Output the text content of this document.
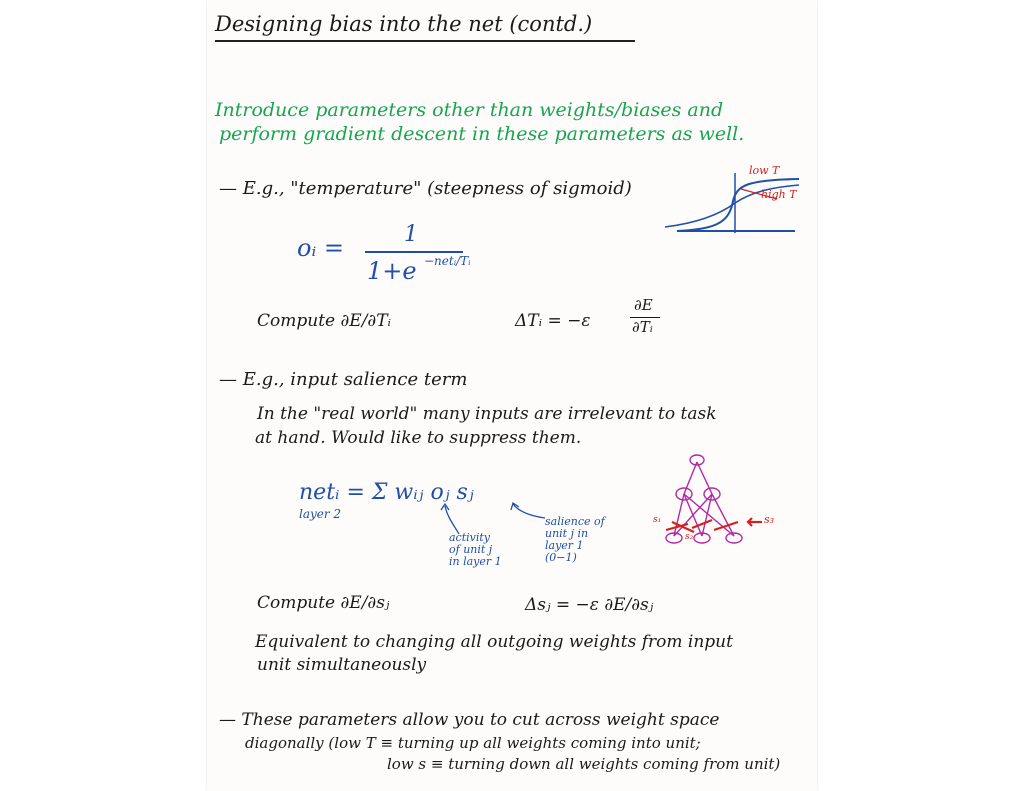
Designing bias into the net (contd.)
Introduce parameters other than weights/biases and
perform gradient descent in these parameters as well.
— E.g., "temperature" (steepness of sigmoid)
low T
high T
oᵢ =	1
1+e −netᵢ/Tᵢ
Compute ∂E/∂Tᵢ	ΔTᵢ = −ε
∂E
∂Tᵢ
— E.g., input salience term
In the "real world" many inputs are irrelevant to task
at hand. Would like to suppress them.
netᵢ = Σ wᵢⱼ oⱼ sⱼ
layer 2
activity
of unit j
in layer 1
salience of
unit j in
layer 1
(0−1)
s₁
s₂
s₃
Compute ∂E/∂sⱼ	Δsⱼ = −ε ∂E/∂sⱼ
Equivalent to changing all outgoing weights from input
unit simultaneously
— These parameters allow you to cut across weight space
diagonally (low T ≡ turning up all weights coming into unit;
low s ≡ turning down all weights coming from unit)
